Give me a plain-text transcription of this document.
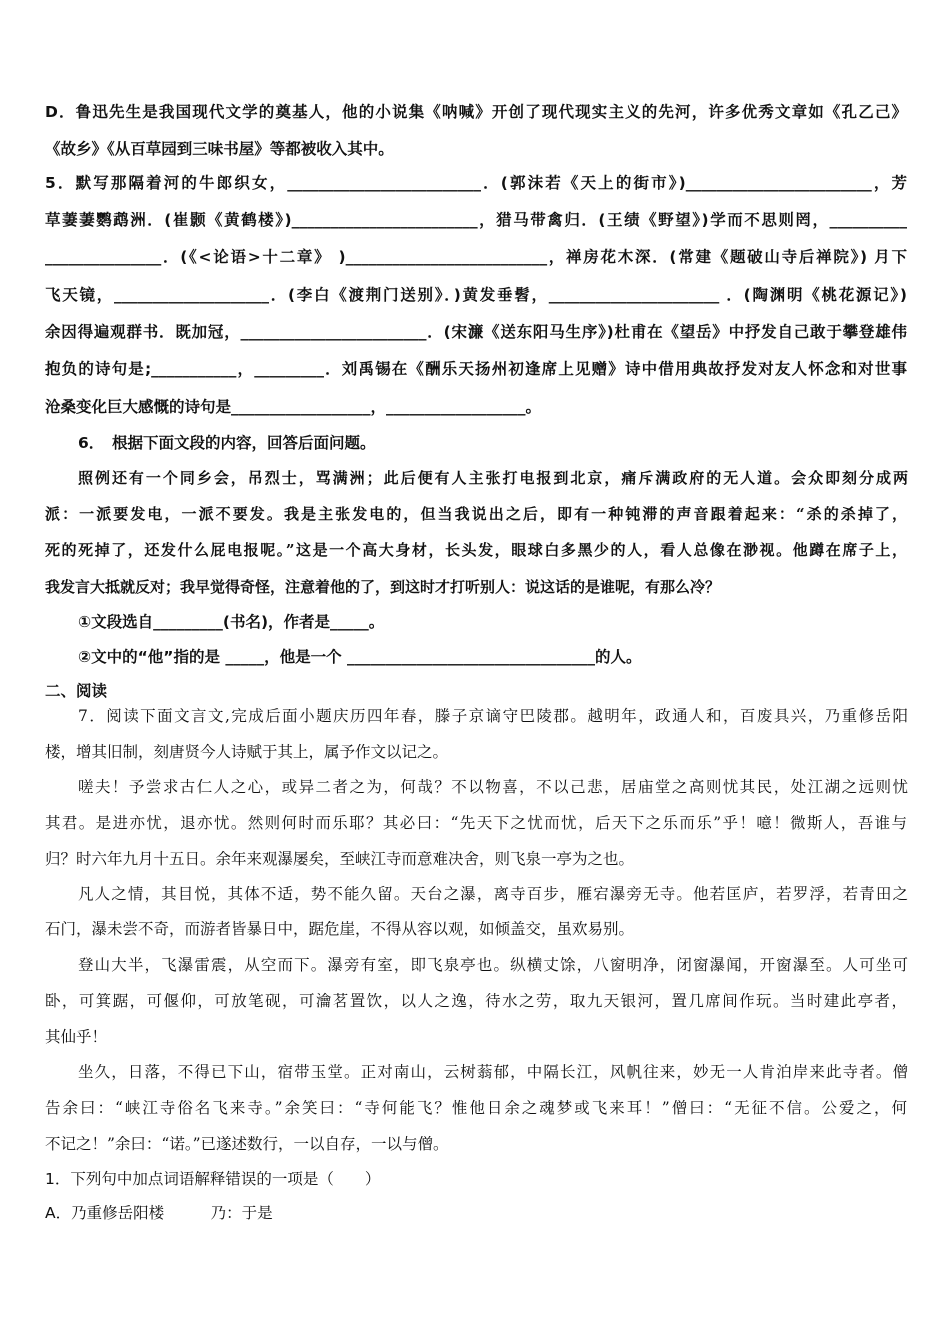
D．鲁迅先生是我国现代文学的奠基人，他的小说集《呐喊》开创了现代现实主义的先河，许多优秀文章如《孔乙己》
《故乡》《从百草园到三味书屋》等都被收入其中。
5．默写那隔着河的牛郎织女，_________________________．(郭沫若《天上的街市》)________________________，芳
草萋萋鹦鹉洲．(崔颢《黄鹤楼》)________________________，猎马带禽归．(王绩《野望》)学而不思则罔，__________
_______________．(《<论语>十二章》 )__________________________，禅房花木深．(常建《题破山寺后禅院》) 月下
飞天镜，____________________．(李白《渡荆门送别》．)黄发垂髫，______________________ ．(陶渊明《桃花源记》)
余因得遍观群书．既加冠，________________________．(宋濂《送东阳马生序》)杜甫在《望岳》中抒发自己敢于攀登雄伟
抱负的诗句是;___________，_________．刘禹锡在《酬乐天扬州初逢席上见赠》诗中借用典故抒发对友人怀念和对世事
沧桑变化巨大感慨的诗句是__________________，__________________。
6．　根据下面文段的内容，回答后面问题。
照例还有一个同乡会，吊烈士，骂满洲；此后便有人主张打电报到北京，痛斥满政府的无人道。会众即刻分成两
派：一派要发电，一派不要发。我是主张发电的，但当我说出之后，即有一种钝滞的声音跟着起来：“杀的杀掉了，
死的死掉了，还发什么屁电报呢。”这是一个高大身材，长头发，眼球白多黑少的人，看人总像在渺视。他蹲在席子上，
我发言大抵就反对；我早觉得奇怪，注意着他的了，到这时才打听别人：说这话的是谁呢，有那么冷？
①文段选自_________(书名)，作者是_____。
②文中的“他”指的是 _____，他是一个 ________________________________的人。
二、阅读
7．阅读下面文言文,完成后面小题庆历四年春，滕子京谪守巴陵郡。越明年，政通人和，百废具兴，乃重修岳阳
楼，增其旧制，刻唐贤今人诗赋于其上，属予作文以记之。
嗟夫！予尝求古仁人之心，或异二者之为，何哉？不以物喜，不以己悲，居庙堂之高则忧其民，处江湖之远则忧
其君。是进亦忧，退亦忧。然则何时而乐耶？其必曰：“先天下之忧而忧，后天下之乐而乐”乎！噫！微斯人，吾谁与
归？时六年九月十五日。余年来观瀑屡矣，至峡江寺而意难决舍，则飞泉一亭为之也。
凡人之情，其目悦，其体不适，势不能久留。天台之瀑，离寺百步，雁宕瀑旁无寺。他若匡庐，若罗浮，若青田之
石门，瀑未尝不奇，而游者皆暴日中，踞危崖，不得从容以观，如倾盖交，虽欢易别。
登山大半，飞瀑雷震，从空而下。瀑旁有室，即飞泉亭也。纵横丈馀，八窗明净，闭窗瀑闻，开窗瀑至。人可坐可
卧，可箕踞，可偃仰，可放笔砚，可瀹茗置饮，以人之逸，待水之劳，取九天银河，置几席间作玩。当时建此亭者，
其仙乎！
坐久，日落，不得已下山，宿带玉堂。正对南山，云树蓊郁，中隔长江，风帆往来，妙无一人肯泊岸来此寺者。僧
告余曰：“峡江寺俗名飞来寺。”余笑曰：“寺何能飞？惟他日余之魂梦或飞来耳！”僧曰：“无征不信。公爱之，何
不记之！”余曰：“诺。”已遂述数行，一以自存，一以与僧。
1．下列句中加点词语解释错误的一项是（　　）
A．乃重修岳阳楼　　　乃：于是
